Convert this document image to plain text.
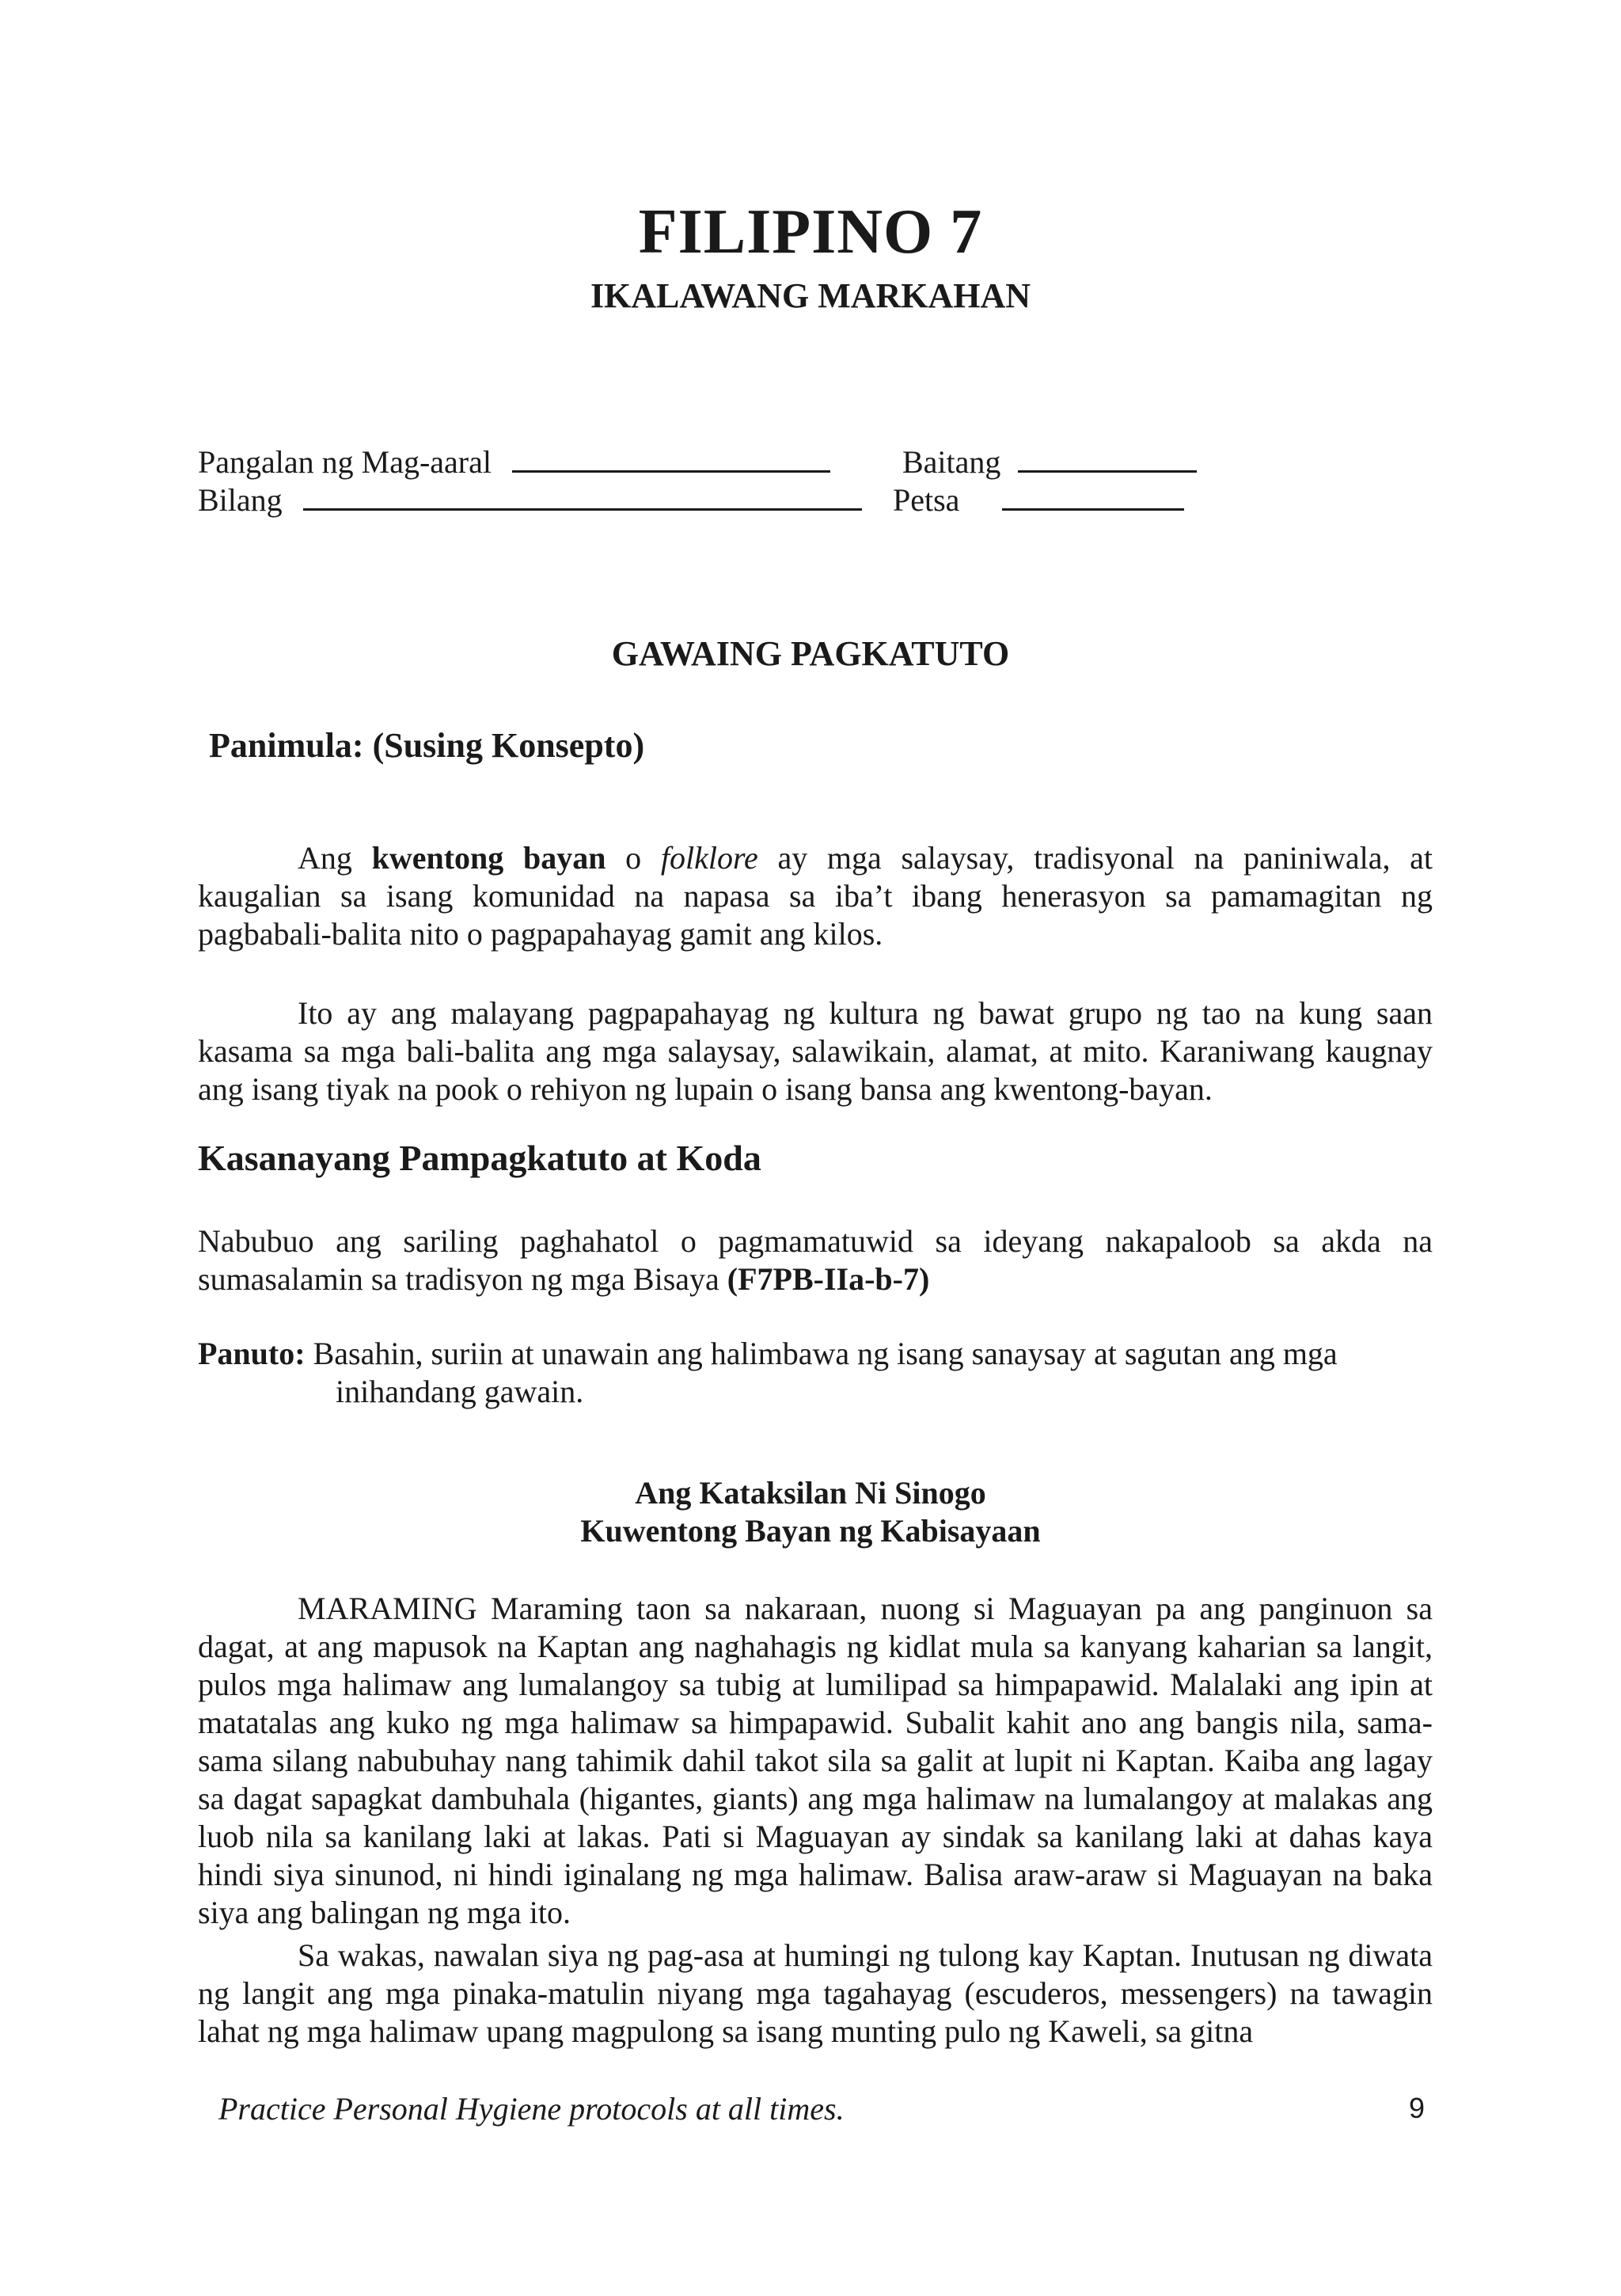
FILIPINO 7
IKALAWANG MARKAHAN
Pangalan ng Mag-aaral	Baitang
Bilang	Petsa
GAWAING PAGKATUTO
Panimula: (Susing Konsepto)
Ang kwentong bayan o folklore ay mga salaysay, tradisyonal na paniniwala, at kaugalian sa isang komunidad na napasa sa iba’t ibang henerasyon sa pamamagitan ng pagbabali-balita nito o pagpapahayag gamit ang kilos.
Ito ay ang malayang pagpapahayag ng kultura ng bawat grupo ng tao na kung saan kasama sa mga bali-balita ang mga salaysay, salawikain, alamat, at mito. Karaniwang kaugnay ang isang tiyak na pook o rehiyon ng lupain o isang bansa ang kwentong-bayan.
Kasanayang Pampagkatuto at Koda
Nabubuo ang sariling paghahatol o pagmamatuwid sa ideyang nakapaloob sa akda na sumasalamin sa tradisyon ng mga Bisaya (F7PB-IIa-b-7)
Panuto: Basahin, suriin at unawain ang halimbawa ng isang sanaysay at sagutan ang mga
inihandang gawain.
Ang Kataksilan Ni Sinogo
Kuwentong Bayan ng Kabisayaan
MARAMING Maraming taon sa nakaraan, nuong si Maguayan pa ang panginuon sa dagat, at ang mapusok na Kaptan ang naghahagis ng kidlat mula sa kanyang kaharian sa langit, pulos mga halimaw ang lumalangoy sa tubig at lumilipad sa himpapawid. Malalaki ang ipin at matatalas ang kuko ng mga halimaw sa himpapawid. Subalit kahit ano ang bangis nila, sama-sama silang nabubuhay nang tahimik dahil takot sila sa galit at lupit ni Kaptan. Kaiba ang lagay sa dagat sapagkat dambuhala (higantes, giants) ang mga halimaw na lumalangoy at malakas ang luob nila sa kanilang laki at lakas. Pati si Maguayan ay sindak sa kanilang laki at dahas kaya hindi siya sinunod, ni hindi iginalang ng mga halimaw. Balisa araw-araw si Maguayan na baka siya ang balingan ng mga ito.
Sa wakas, nawalan siya ng pag-asa at humingi ng tulong kay Kaptan. Inutusan ng diwata ng langit ang mga pinaka-matulin niyang mga tagahayag (escuderos, messengers) na tawagin lahat ng mga halimaw upang magpulong sa isang munting pulo ng Kaweli, sa gitna
Practice Personal Hygiene protocols at all times.	9
